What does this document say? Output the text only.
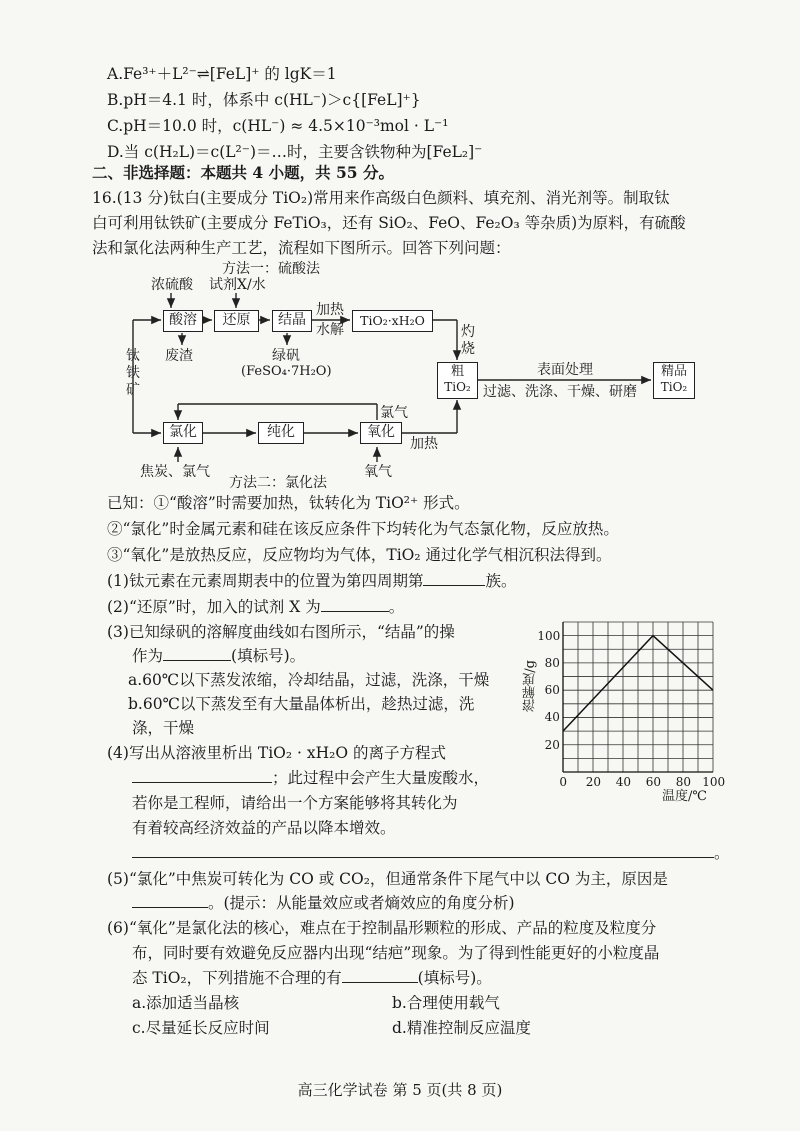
A.Fe³⁺＋L²⁻⇌[FeL]⁺ 的 lgK＝1
B.pH＝4.1 时，体系中 c(HL⁻)＞c{[FeL]⁺}
C.pH＝10.0 时，c(HL⁻) ≈ 4.5×10⁻³mol · L⁻¹
D.当 c(H₂L)＝c(L²⁻)＝…时，主要含铁物种为[FeL₂]⁻
二、非选择题：本题共 4 小题，共 55 分。
16.(13 分)钛白(主要成分 TiO₂)常用来作高级白色颜料、填充剂、消光剂等。制取钛
白可利用钛铁矿(主要成分 FeTiO₃，还有 SiO₂、FeO、Fe₂O₃ 等杂质)为原料，有硫酸
法和氯化法两种生产工艺，流程如下图所示。回答下列问题：
方法一：硫酸法
浓硫酸 试剂X/水
酸溶	还原	结晶
加热
水解
TiO₂·xH₂O
灼
烧
废渣	绿矾
(FeSO₄·7H₂O)
钛
铁
矿
粗
TiO₂
表面处理
过滤、洗涤、干燥、研磨
精品
TiO₂
氯气
氯化	纯化	氧化
加热
焦炭、氯气	氧气
方法二：氯化法
已知：①“酸溶”时需要加热，钛转化为 TiO²⁺ 形式。
②“氯化”时金属元素和硅在该反应条件下均转化为气态氯化物，反应放热。
③“氧化”是放热反应，反应物均为气体，TiO₂ 通过化学气相沉积法得到。
(1)钛元素在元素周期表中的位置为第四周期第	族。
(2)“还原”时，加入的试剂 X 为	。
(3)已知绿矾的溶解度曲线如右图所示，“结晶”的操
作为	(填标号)。
a.60℃以下蒸发浓缩，冷却结晶，过滤，洗涤，干燥
b.60℃以下蒸发至有大量晶体析出，趁热过滤，洗
涤，干燥
(4)写出从溶液里析出 TiO₂ · xH₂O 的离子方程式
；此过程中会产生大量废酸水，
若你是工程师，请给出一个方案能够将其转化为
有着较高经济效益的产品以降本增效。
。
0 20 40 60 80 100
20
40
60
80
100
溶解度/g
温度/℃
(5)“氯化”中焦炭可转化为 CO 或 CO₂，但通常条件下尾气中以 CO 为主，原因是
。(提示：从能量效应或者熵效应的角度分析)
(6)“氧化”是氯化法的核心，难点在于控制晶形颗粒的形成、产品的粒度及粒度分
布，同时要有效避免反应器内出现“结疤”现象。为了得到性能更好的小粒度晶
态 TiO₂，下列措施不合理的有	(填标号)。
a.添加适当晶核	b.合理使用载气
c.尽量延长反应时间	d.精准控制反应温度
高三化学试卷 第 5 页(共 8 页)
